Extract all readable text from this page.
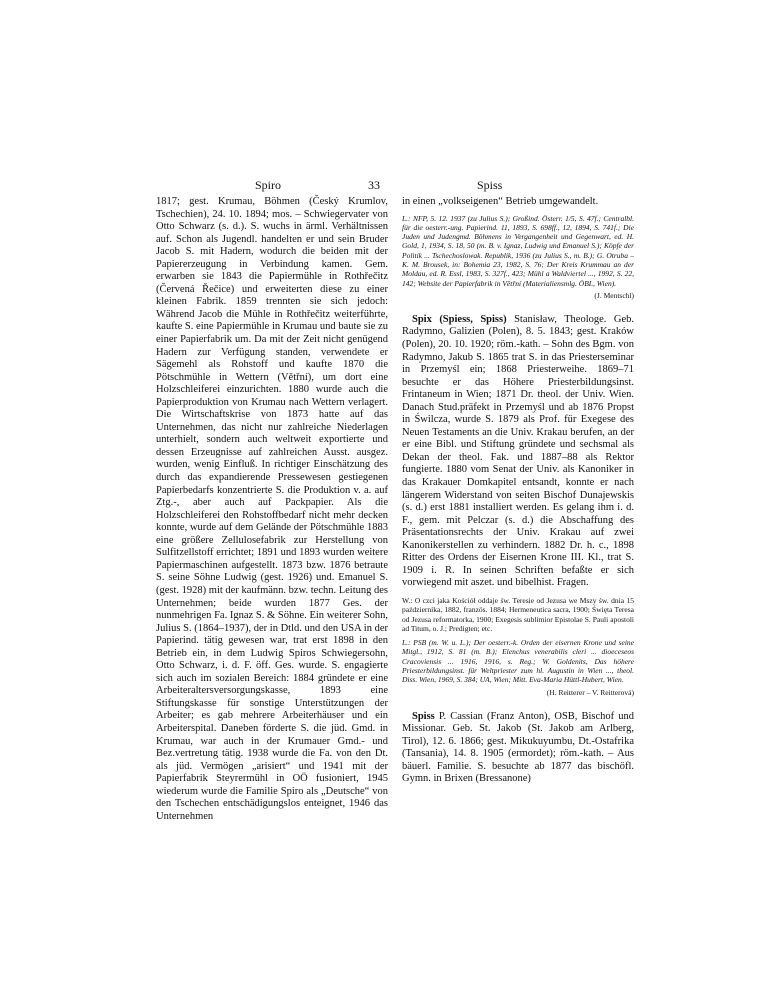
Spiro	33	Spiss

1817; gest. Krumau, Böhmen (Český Krumlov, Tschechien), 24. 10. 1894; mos. – Schwiegervater von Otto Schwarz (s. d.). S. wuchs in ärml. Verhältnissen auf. Schon als Jugendl. handelten er und sein Bruder Jacob S. mit Hadern, wodurch die beiden mit der Papiererzeugung in Verbindung kamen. Gem. erwarben sie 1843 die Papiermühle in Rothřečitz (Červená Řečice) und erweiterten diese zu einer kleinen Fabrik. 1859 trennten sie sich jedoch: Während Jacob die Mühle in Rothřečitz weiterführte, kaufte S. eine Papiermühle in Krumau und baute sie zu einer Papierfabrik um. Da mit der Zeit nicht genügend Hadern zur Verfügung standen, verwendete er Sägemehl als Rohstoff und kaufte 1870 die Pötschmühle in Wettern (Větřní), um dort eine Holzschleiferei einzurichten. 1880 wurde auch die Papierproduktion von Krumau nach Wettern verlagert. Die Wirtschaftskrise von 1873 hatte auf das Unternehmen, das nicht nur zahlreiche Niederlagen unterhielt, sondern auch weltweit exportierte und dessen Erzeugnisse auf zahlreichen Ausst. ausgez. wurden, wenig Einfluß. In richtiger Einschätzung des durch das expandierende Pressewesen gestiegenen Papierbedarfs konzentrierte S. die Produktion v. a. auf Ztg.-, aber auch auf Packpapier. Als die Holzschleiferei den Rohstoffbedarf nicht mehr decken konnte, wurde auf dem Gelände der Pötschmühle 1883 eine größere Zellulosefabrik zur Herstellung von Sulfitzellstoff errichtet; 1891 und 1893 wurden weitere Papiermaschinen aufgestellt. 1873 bzw. 1876 betraute S. seine Söhne Ludwig (gest. 1926) und. Emanuel S. (gest. 1928) mit der kaufmänn. bzw. techn. Leitung des Unternehmen; beide wurden 1877 Ges. der nunmehrigen Fa. Ignaz S. & Söhne. Ein weiterer Sohn, Julius S. (1864–1937), der in Dtld. und den USA in der Papierind. tätig gewesen war, trat erst 1898 in den Betrieb ein, in dem Ludwig Spiros Schwiegersohn, Otto Schwarz, i. d. F. öff. Ges. wurde. S. engagierte sich auch im sozialen Bereich: 1884 gründete er eine Arbeiteraltersversorgungskasse, 1893 eine Stiftungskasse für sonstige Unterstützungen der Arbeiter; es gab mehrere Arbeiterhäuser und ein Arbeiterspital. Daneben förderte S. die jüd. Gmd. in Krumau, war auch in der Krumauer Gmd.- und Bez.vertretung tätig. 1938 wurde die Fa. von den Dt. als jüd. Vermögen „arisiert“ und 1941 mit der Papierfabrik Steyrermühl in OÖ fusioniert, 1945 wiederum wurde die Familie Spiro als „Deutsche“ von den Tschechen entschädigungslos enteignet, 1946 das Unternehmen

in einen „volkseigenen“ Betrieb umgewandelt.

L.: NFP, 5. 12. 1937 (zu Julius S.); Großind. Österr. 1/5, S. 47f.; Centralbl. für die oesterr.-ung. Papierind. 11, 1893, S. 698ff., 12, 1894, S. 741f.; Die Juden und Judengmd. Böhmens in Vergangenheit und Gegenwart, ed. H. Gold, 1, 1934, S. 18, 50 (m. B. v. Ignaz, Ludwig und Emanuel S.); Köpfe der Politik ... Tschechoslowak. Republik, 1936 (zu Julius S., m. B.); G. Otruba – K. M. Brousek, in: Bohemia 23, 1982, S. 76; Der Kreis Krummau an der Moldau, ed. R. Essl, 1983, S. 327f., 423; Mühl a Waldviertel ..., 1992, S. 22, 142; Website der Papierfabrik in Větřní (Materialiensmlg. ÖBL, Wien).

(J. Mentschl)

Spix (Spiess, Spiss) Stanisław, Theologe. Geb. Radymno, Galizien (Polen), 8. 5. 1843; gest. Kraków (Polen), 20. 10. 1920; röm.-kath. – Sohn des Bgm. von Radymno, Jakub S. 1865 trat S. in das Priesterseminar in Przemyśl ein; 1868 Priesterweihe. 1869–71 besuchte er das Höhere Priesterbildungsinst. Frintaneum in Wien; 1871 Dr. theol. der Univ. Wien. Danach Stud.präfekt in Przemyśl und ab 1876 Propst in Świlcza, wurde S. 1879 als Prof. für Exegese des Neuen Testaments an die Univ. Krakau berufen, an der er eine Bibl. und Stiftung gründete und sechsmal als Dekan der theol. Fak. und 1887–88 als Rektor fungierte. 1880 vom Senat der Univ. als Kanoniker in das Krakauer Domkapitel entsandt, konnte er nach längerem Widerstand von seiten Bischof Dunajewskis (s. d.) erst 1881 installiert werden. Es gelang ihm i. d. F., gem. mit Pelczar (s. d.) die Abschaffung des Präsentationsrechts der Univ. Krakau auf zwei Kanonikerstellen zu verhindern. 1882 Dr. h. c., 1898 Ritter des Ordens der Eisernen Krone III. Kl., trat S. 1909 i. R. In seinen Schriften befaßte er sich vorwiegend mit aszet. und bibelhist. Fragen.

W.: O czci jaka Kościół oddaje św. Teresie od Jezusa we Mszy św. dnia 15 października, 1882, französ. 1884; Hermeneutica sacra, 1900; Święta Teresa od Jezusa reformatorka, 1900; Exegesis sublimior Epistolae S. Pauli apostoli ad Titum, o. J.; Predigten; etc.

L.: PSB (m. W. u. L.); Der oesterr.-k. Orden der eisernen Krone und seine Mitgl., 1912, S. 81 (m. B.); Elenchus venerabilis cleri ... dioeceseos Cracoviensis ... 1916, 1916, s. Reg.; W. Goldenits, Das höhere Priesterbildungsinst. für Weltpriester zum hl. Augustin in Wien ..., theol. Diss. Wien, 1969, S. 384; UA, Wien; Mitt. Eva-Maria Hüttl-Hubert, Wien.

(H. Reitterer – V. Reitterová)

Spiss P. Cassian (Franz Anton), OSB, Bischof und Missionar. Geb. St. Jakob (St. Jakob am Arlberg, Tirol), 12. 6. 1866; gest. Mikukuyumbu, Dt.-Ostafrika (Tansania), 14. 8. 1905 (ermordet); röm.-kath. – Aus bäuerl. Familie. S. besuchte ab 1877 das bischöfl. Gymn. in Brixen (Bressanone)
